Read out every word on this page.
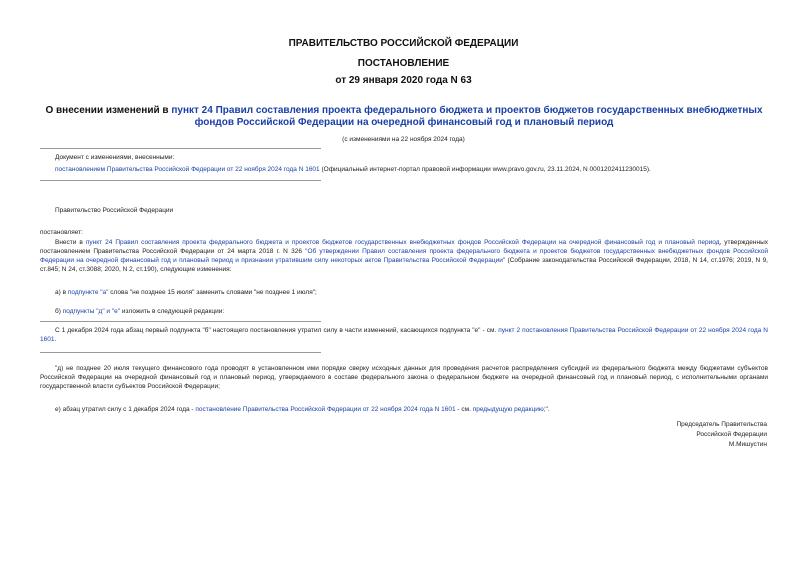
ПРАВИТЕЛЬСТВО РОССИЙСКОЙ ФЕДЕРАЦИИ
ПОСТАНОВЛЕНИЕ
от 29 января 2020 года N 63
О внесении изменений в пункт 24 Правил составления проекта федерального бюджета и проектов бюджетов государственных внебюджетных фондов Российской Федерации на очередной финансовый год и плановый период
(с изменениями на 22 ноября 2024 года)
Документ с изменениями, внесенными:
постановлением Правительства Российской Федерации от 22 ноября 2024 года N 1601 (Официальный интернет-портал правовой информации www.pravo.gov.ru, 23.11.2024, N 0001202411230015).
Правительство Российской Федерации
постановляет:
Внести в пункт 24 Правил составления проекта федерального бюджета и проектов бюджетов государственных внебюджетных фондов Российской Федерации на очередной финансовый год и плановый период, утвержденных постановлением Правительства Российской Федерации от 24 марта 2018 г. N 326 "Об утверждении Правил составления проекта федерального бюджета и проектов бюджетов государственных внебюджетных фондов Российской Федерации на очередной финансовый год и плановый период и признании утратившим силу некоторых актов Правительства Российской Федерации" (Собрание законодательства Российской Федерации, 2018, N 14, ст.1976; 2019, N 9, ст.845; N 24, ст.3088; 2020, N 2, ст.190), следующие изменения:
а) в подпункте "а" слова "не позднее 15 июля" заменить словами "не позднее 1 июля";
б) подпункты "д" и "е" изложить в следующей редакции:
С 1 декабря 2024 года абзац первый подпункта "б" настоящего постановления утратил силу в части изменений, касающихся подпункта "е" - см. пункт 2 постановления Правительства Российской Федерации от 22 ноября 2024 года N 1601.
"д) не позднее 20 июля текущего финансового года проводят в установленном ими порядке сверку исходных данных для проведения расчетов распределения субсидий из федерального бюджета между бюджетами субъектов Российской Федерации на очередной финансовый год и плановый период, утверждаемого в составе федерального закона о федеральном бюджете на очередной финансовый год и плановый период, с исполнительными органами государственной власти субъектов Российской Федерации;
е) абзац утратил силу с 1 декабря 2024 года - постановление Правительства Российской Федерации от 22 ноября 2024 года N 1601 - см. предыдущую редакцию;".
Председатель Правительства
Российской Федерации
М.Мишустин
